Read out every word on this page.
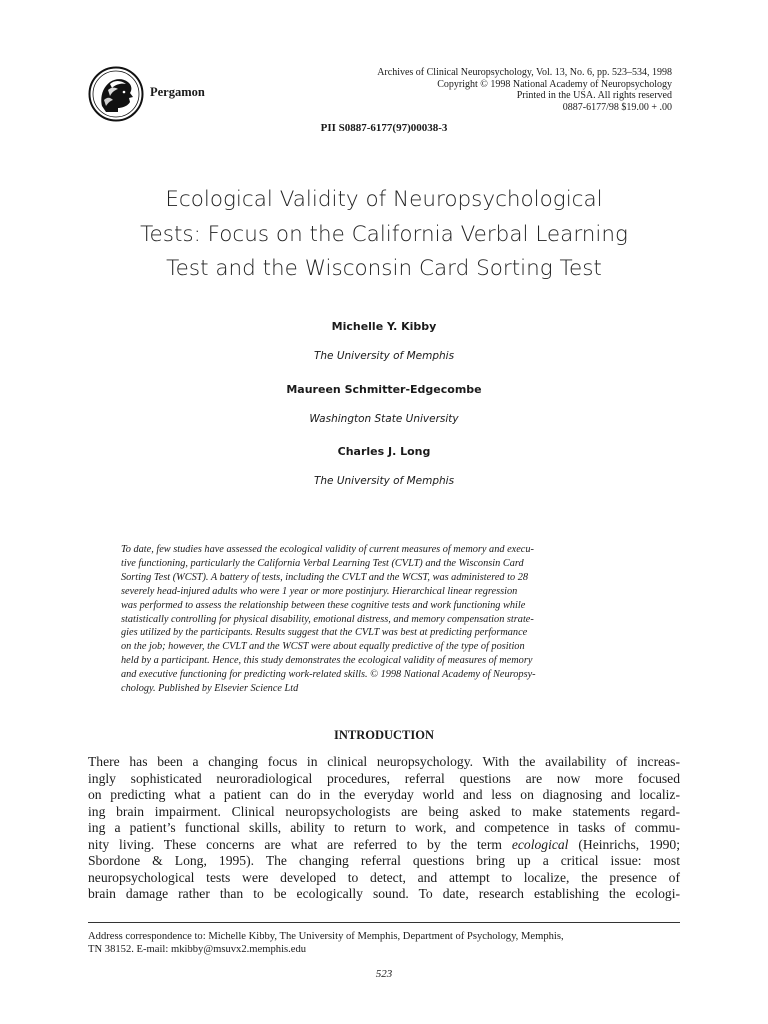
Pergamon
Archives of Clinical Neuropsychology, Vol. 13, No. 6, pp. 523–534, 1998
Copyright © 1998 National Academy of Neuropsychology
Printed in the USA. All rights reserved
0887-6177/98 $19.00 + .00
PII S0887-6177(97)00038-3
Ecological Validity of Neuropsychological
Tests: Focus on the California Verbal Learning
Test and the Wisconsin Card Sorting Test
Michelle Y. Kibby
The University of Memphis
Maureen Schmitter-Edgecombe
Washington State University
Charles J. Long
The University of Memphis
To date, few studies have assessed the ecological validity of current measures of memory and execu-
tive functioning, particularly the California Verbal Learning Test (CVLT) and the Wisconsin Card
Sorting Test (WCST). A battery of tests, including the CVLT and the WCST, was administered to 28
severely head-injured adults who were 1 year or more postinjury. Hierarchical linear regression
was performed to assess the relationship between these cognitive tests and work functioning while
statistically controlling for physical disability, emotional distress, and memory compensation strate-
gies utilized by the participants. Results suggest that the CVLT was best at predicting performance
on the job; however, the CVLT and the WCST were about equally predictive of the type of position
held by a participant. Hence, this study demonstrates the ecological validity of measures of memory
and executive functioning for predicting work-related skills. © 1998 National Academy of Neuropsy-
chology. Published by Elsevier Science Ltd
INTRODUCTION
There has been a changing focus in clinical neuropsychology. With the availability of increas-
ingly sophisticated neuroradiological procedures, referral questions are now more focused
on predicting what a patient can do in the everyday world and less on diagnosing and localiz-
ing brain impairment. Clinical neuropsychologists are being asked to make statements regard-
ing a patient’s functional skills, ability to return to work, and competence in tasks of commu-
nity living. These concerns are what are referred to by the term ecological (Heinrichs, 1990;
Sbordone & Long, 1995). The changing referral questions bring up a critical issue: most
neuropsychological tests were developed to detect, and attempt to localize, the presence of
brain damage rather than to be ecologically sound. To date, research establishing the ecologi-
Address correspondence to: Michelle Kibby, The University of Memphis, Department of Psychology, Memphis,
TN 38152. E-mail: mkibby@msuvx2.memphis.edu
523
